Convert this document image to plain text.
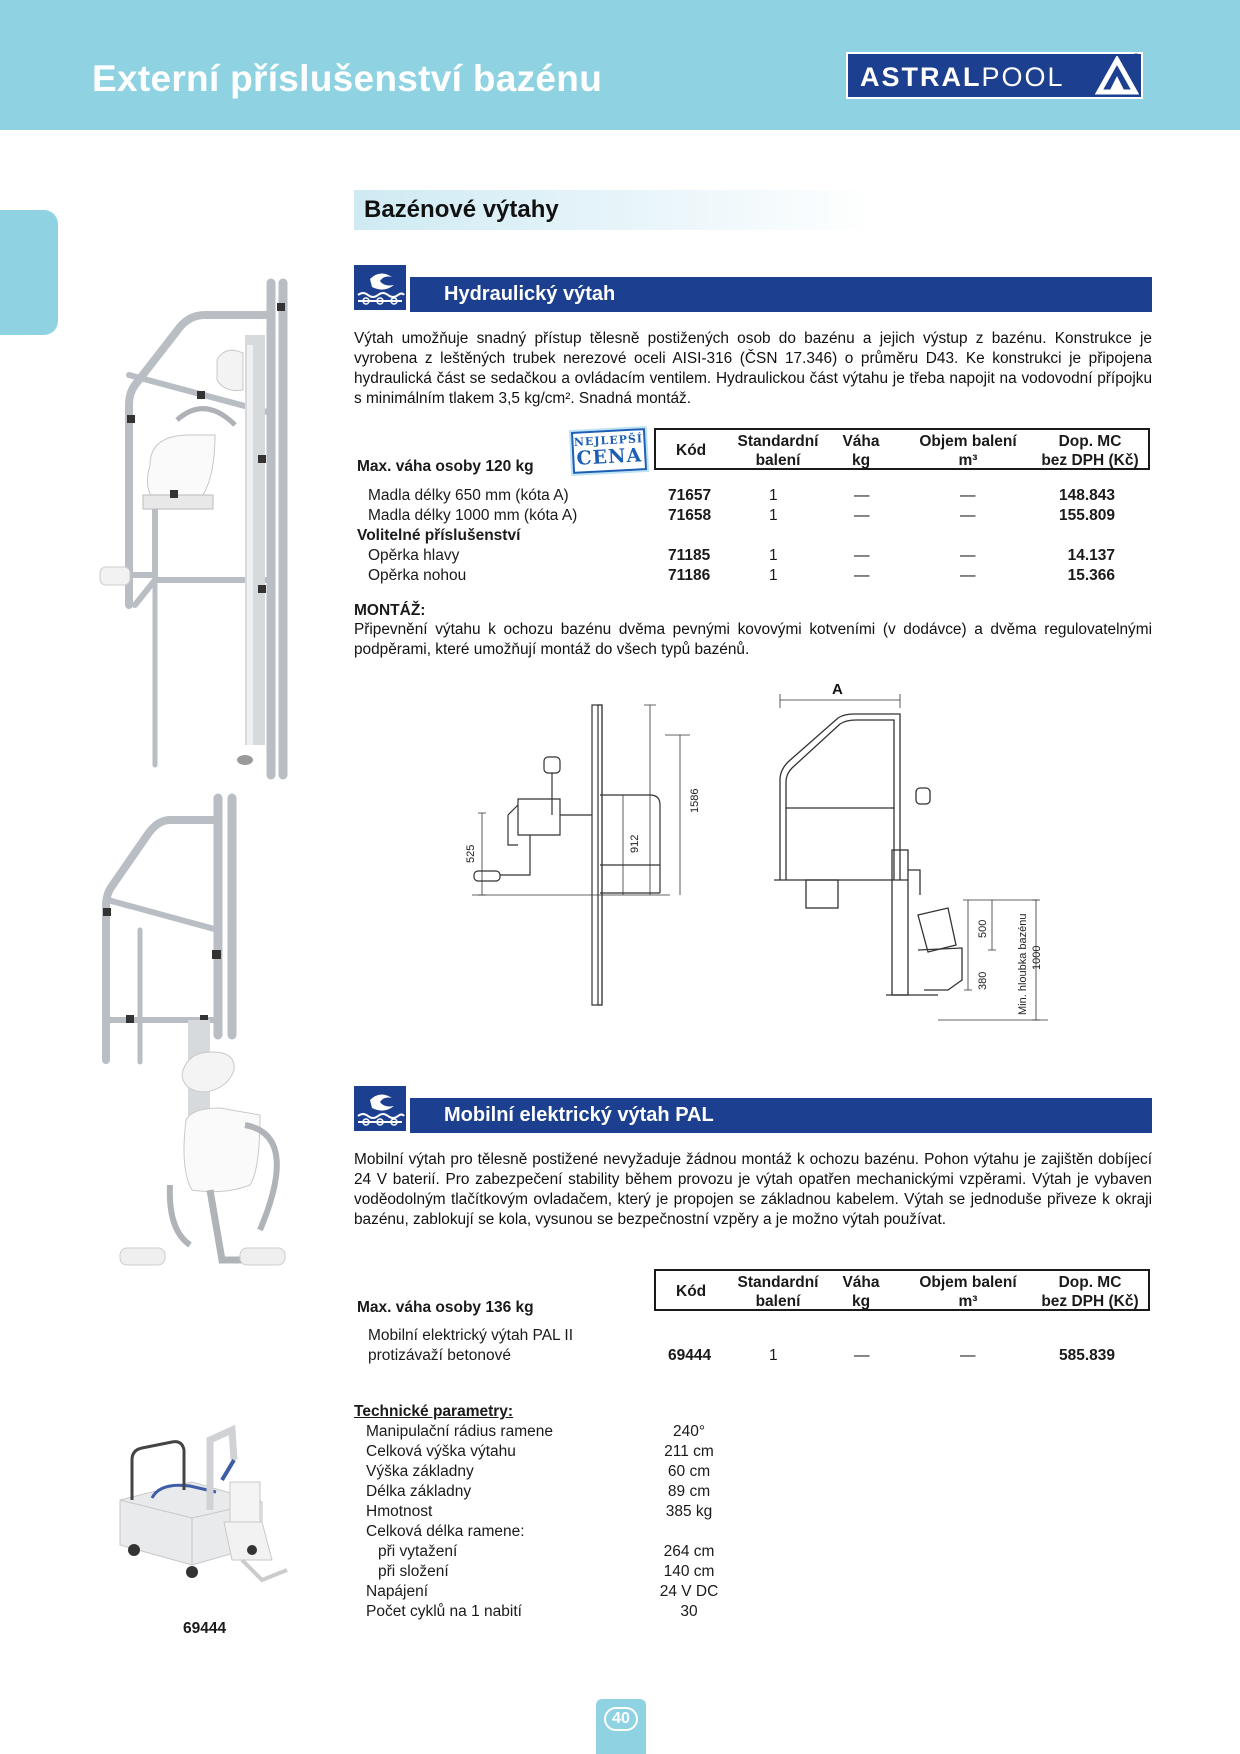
Externí příslušenství bazénu	ASTRALPOOL
®
Bazénové výtahy
Hydraulický výtah
Výtah umožňuje snadný přístup tělesně postižených osob do bazénu a jejich výstup z bazénu. Konstrukce je vyrobena z leštěných trubek nerezové oceli AISI-316 (ČSN 17.346) o průměru D43. Ke konstrukci je připojena hydraulická část se sedačkou a ovládacím ventilem. Hydraulickou část výtahu je třeba napojit na vodovodní přípojku s minimálním tlakem 3,5 kg/cm². Snadná montáž.
NEJLEPŠÍ
CENA
Max. váha osoby 120 kg
Kód
Standardní
balení
Váha
kg
Objem balení
m³
Dop. MC
bez DPH (Kč)
Madla délky 650 mm (kóta A)	71657	1	—	—	148.843
Madla délky 1000 mm (kóta A)	71658	1	—	—	155.809
Volitelné příslušenství
Opěrka hlavy	71185	1	—	—	14.137
Opěrka nohou	71186	1	—	—	15.366
MONTÁŽ:
Připevnění výtahu k ochozu bazénu dvěma pevnými kovovými kotveními (v dodávce) a dvěma regulovatelnými podpěrami, které umožňují montáž do všech typů bazénů.
525
912
1586
A
500
380	Min. hloubka bazénu 1000
Mobilní elektrický výtah PAL
Mobilní výtah pro tělesně postižené nevyžaduje žádnou montáž k ochozu bazénu. Pohon výtahu je zajištěn dobíjecí 24 V baterií. Pro zabezpečení stability během provozu je výtah opatřen mechanickými vzpěrami. Výtah je vybaven voděodolným tlačítkovým ovladačem, který je propojen se základnou kabelem. Výtah se jednoduše přiveze k okraji bazénu, zablokují se kola, vysunou se bezpečnostní vzpěry a je možno výtah používat.
Max. váha osoby 136 kg
Kód
Standardní
balení
Váha
kg
Objem balení
m³
Dop. MC
bez DPH (Kč)
Mobilní elektrický výtah PAL II
protizávaží betonové	69444	1	—	—	585.839
69444
Technické parametry:
Manipulační rádius ramene	240°
Celková výška výtahu	211 cm
Výška základny	60 cm
Délka základny	89 cm
Hmotnost	385 kg
Celková délka ramene:
při vytažení	264 cm
při složení	140 cm
Napájení	24 V DC
Počet cyklů na 1 nabití	30
40
